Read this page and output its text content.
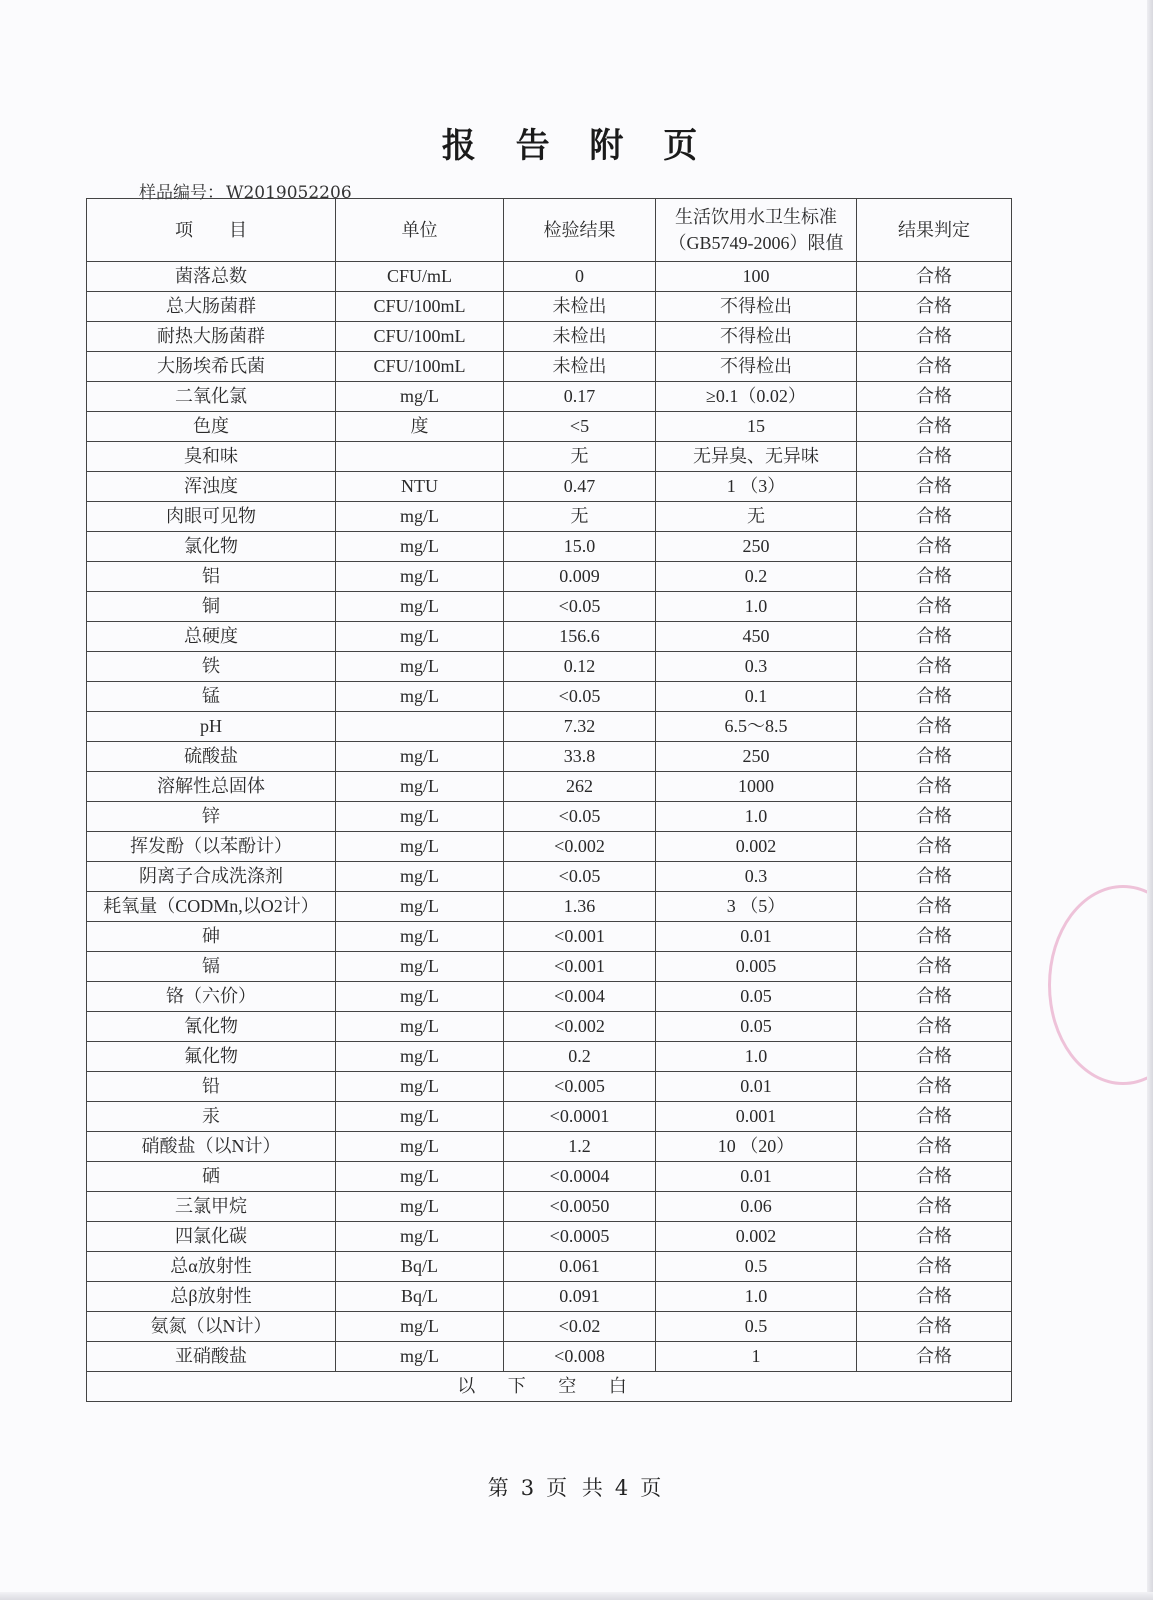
报 告 附 页
样品编号： W2019052206
项　　目	单位	检验结果	生活饮用水卫生标准
（GB5749-2006）限值	结果判定
菌落总数	CFU/mL	0	100	合格
总大肠菌群	CFU/100mL	未检出	不得检出	合格
耐热大肠菌群	CFU/100mL	未检出	不得检出	合格
大肠埃希氏菌	CFU/100mL	未检出	不得检出	合格
二氧化氯	mg/L	0.17	≥0.1（0.02）	合格
色度	度	<5	15	合格
臭和味		无	无异臭、无异味	合格
浑浊度	NTU	0.47	1 （3）	合格
肉眼可见物	mg/L	无	无	合格
氯化物	mg/L	15.0	250	合格
铝	mg/L	0.009	0.2	合格
铜	mg/L	<0.05	1.0	合格
总硬度	mg/L	156.6	450	合格
铁	mg/L	0.12	0.3	合格
锰	mg/L	<0.05	0.1	合格
pH		7.32	6.5～8.5	合格
硫酸盐	mg/L	33.8	250	合格
溶解性总固体	mg/L	262	1000	合格
锌	mg/L	<0.05	1.0	合格
挥发酚（以苯酚计）	mg/L	<0.002	0.002	合格
阴离子合成洗涤剂	mg/L	<0.05	0.3	合格
耗氧量（CODMn,以O2计）	mg/L	1.36	3 （5）	合格
砷	mg/L	<0.001	0.01	合格
镉	mg/L	<0.001	0.005	合格
铬（六价）	mg/L	<0.004	0.05	合格
氰化物	mg/L	<0.002	0.05	合格
氟化物	mg/L	0.2	1.0	合格
铅	mg/L	<0.005	0.01	合格
汞	mg/L	<0.0001	0.001	合格
硝酸盐（以N计）	mg/L	1.2	10 （20）	合格
硒	mg/L	<0.0004	0.01	合格
三氯甲烷	mg/L	<0.0050	0.06	合格
四氯化碳	mg/L	<0.0005	0.002	合格
总α放射性	Bq/L	0.061	0.5	合格
总β放射性	Bq/L	0.091	1.0	合格
氨氮（以N计）	mg/L	<0.02	0.5	合格
亚硝酸盐	mg/L	<0.008	1	合格
以 下 空 白				
第 3 页 共 4 页
